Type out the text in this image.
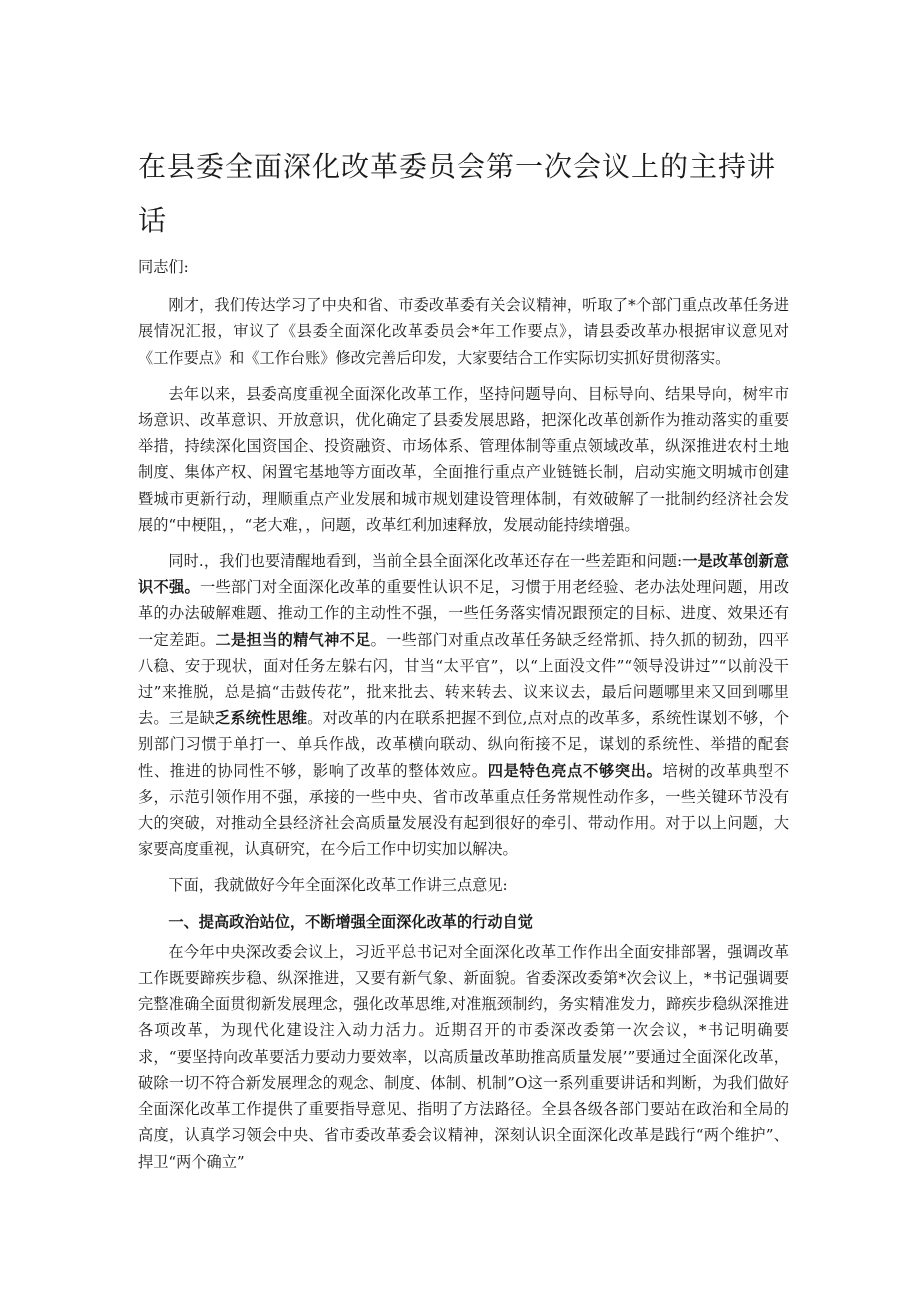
在县委全面深化改革委员会第一次会议上的主持讲话

同志们:

刚才，我们传达学习了中央和省、市委改革委有关会议精神，听取了*个部门重点改革任务进展情况汇报，审议了《县委全面深化改革委员会*年工作要点》，请县委改革办根据审议意见对《工作要点》和《工作台账》修改完善后印发，大家要结合工作实际切实抓好贯彻落实。

去年以来，县委高度重视全面深化改革工作，坚持问题导向、目标导向、结果导向，树牢市场意识、改革意识、开放意识，优化确定了县委发展思路，把深化改革创新作为推动落实的重要举措，持续深化国资国企、投资融资、市场体系、管理体制等重点领域改革，纵深推进农村土地制度、集体产权、闲置宅基地等方面改革，全面推行重点产业链链长制，启动实施文明城市创建暨城市更新行动，理顺重点产业发展和城市规划建设管理体制，有效破解了一批制约经济社会发展的“中梗阻，，“老大难，，问题，改革红利加速释放，发展动能持续增强。

同时.，我们也要清醒地看到，当前全县全面深化改革还存在一些差距和问题:一是改革创新意识不强。一些部门对全面深化改革的重要性认识不足，习惯于用老经验、老办法处理问题，用改革的办法破解难题、推动工作的主动性不强，一些任务落实情况跟预定的目标、进度、效果还有一定差距。二是担当的精气神不足。一些部门对重点改革任务缺乏经常抓、持久抓的韧劲，四平八稳、安于现状，面对任务左躲右闪，甘当“太平官”，以“上面没文件”“领导没讲过”“以前没干过”来推脱，总是搞“击鼓传花”，批来批去、转来转去、议来议去，最后问题哪里来又回到哪里去。三是缺乏系统性思维。对改革的内在联系把握不到位,点对点的改革多，系统性谋划不够，个别部门习惯于单打一、单兵作战，改革横向联动、纵向衔接不足，谋划的系统性、举措的配套性、推进的协同性不够，影响了改革的整体效应。四是特色亮点不够突出。培树的改革典型不多，示范引领作用不强，承接的一些中央、省市改革重点任务常规性动作多，一些关键环节没有大的突破，对推动全县经济社会高质量发展没有起到很好的牵引、带动作用。对于以上问题，大家要高度重视，认真研究，在今后工作中切实加以解决。

下面，我就做好今年全面深化改革工作讲三点意见:

一、提高政治站位，不断增强全面深化改革的行动自觉

在今年中央深改委会议上，习近平总书记对全面深化改革工作作出全面安排部署，强调改革工作既要蹄疾步稳、纵深推进，又要有新气象、新面貌。省委深改委第*次会议上，*书记强调要完整准确全面贯彻新发展理念，强化改革思维,对准瓶颈制约，务实精准发力，蹄疾步稳纵深推进各项改革，为现代化建设注入动力活力。近期召开的市委深改委第一次会议，*书记明确要求，“要坚持向改革要活力要动力要效率，以高质量改革助推高质量发展’”要通过全面深化改革，破除一切不符合新发展理念的观念、制度、体制、机制”O这一系列重要讲话和判断，为我们做好全面深化改革工作提供了重要指导意见、指明了方法路径。全县各级各部门要站在政治和全局的高度，认真学习领会中央、省市委改革委会议精神，深刻认识全面深化改革是践行“两个维护”、捍卫“两个确立”
